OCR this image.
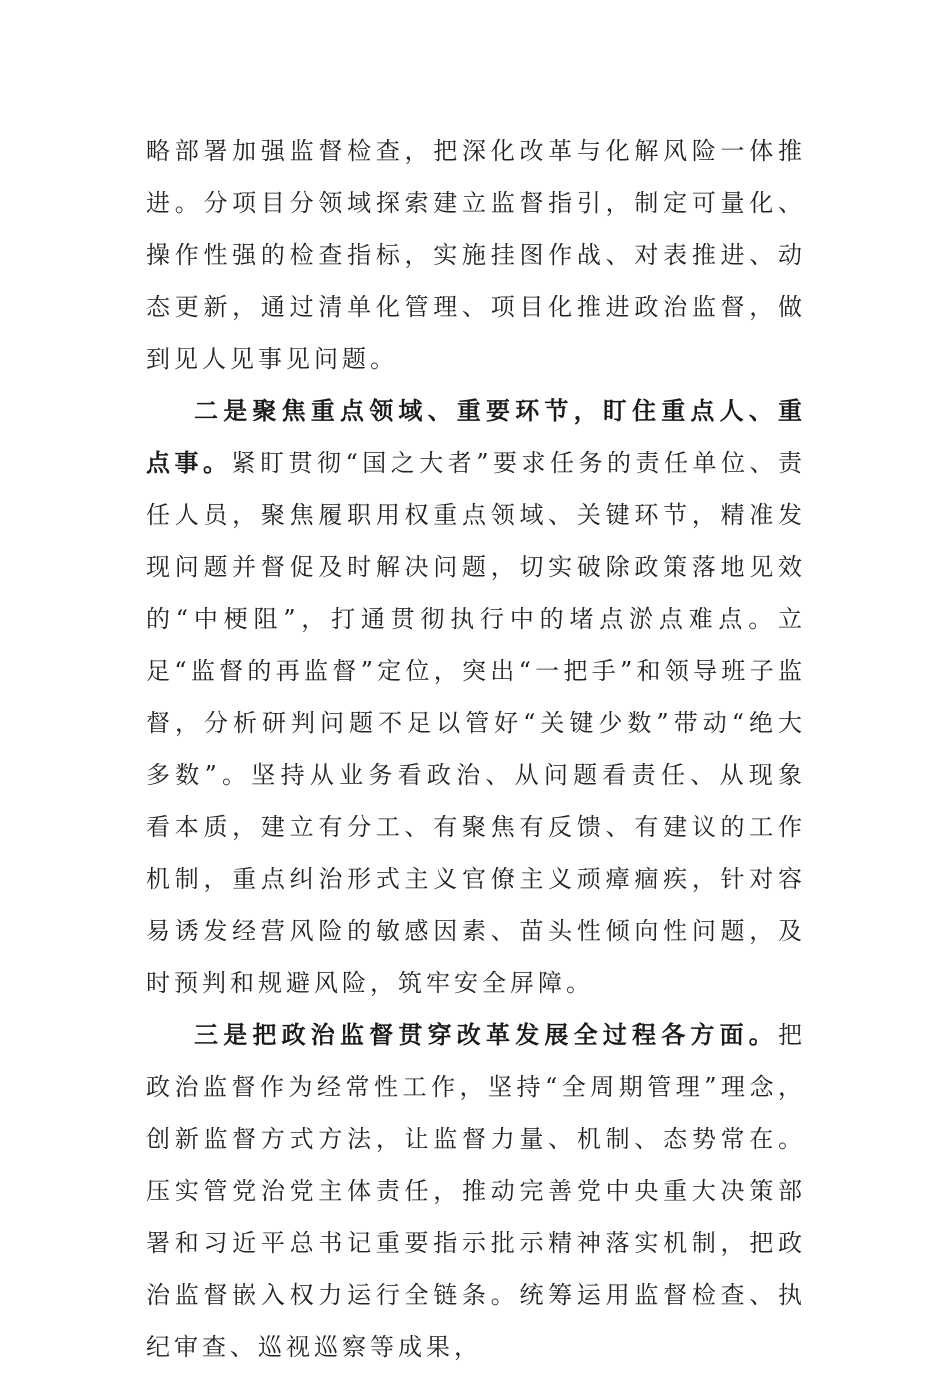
略部署加强监督检查，把深化改革与化解风险一体推进。分项目分领域探索建立监督指引，制定可量化、操作性强的检查指标，实施挂图作战、对表推进、动态更新，通过清单化管理、项目化推进政治监督，做到见人见事见问题。

二是聚焦重点领域、重要环节，盯住重点人、重点事。紧盯贯彻“国之大者”要求任务的责任单位、责任人员，聚焦履职用权重点领域、关键环节，精准发现问题并督促及时解决问题，切实破除政策落地见效的“中梗阻”，打通贯彻执行中的堵点淤点难点。立足“监督的再监督”定位，突出“一把手”和领导班子监督，分析研判问题不足以管好“关键少数”带动“绝大多数”。坚持从业务看政治、从问题看责任、从现象看本质，建立有分工、有聚焦有反馈、有建议的工作机制，重点纠治形式主义官僚主义顽瘴痼疾，针对容易诱发经营风险的敏感因素、苗头性倾向性问题，及时预判和规避风险，筑牢安全屏障。

三是把政治监督贯穿改革发展全过程各方面。把政治监督作为经常性工作，坚持“全周期管理”理念，创新监督方式方法，让监督力量、机制、态势常在。压实管党治党主体责任，推动完善党中央重大决策部署和习近平总书记重要指示批示精神落实机制，把政治监督嵌入权力运行全链条。统筹运用监督检查、执纪审查、巡视巡察等成果，
